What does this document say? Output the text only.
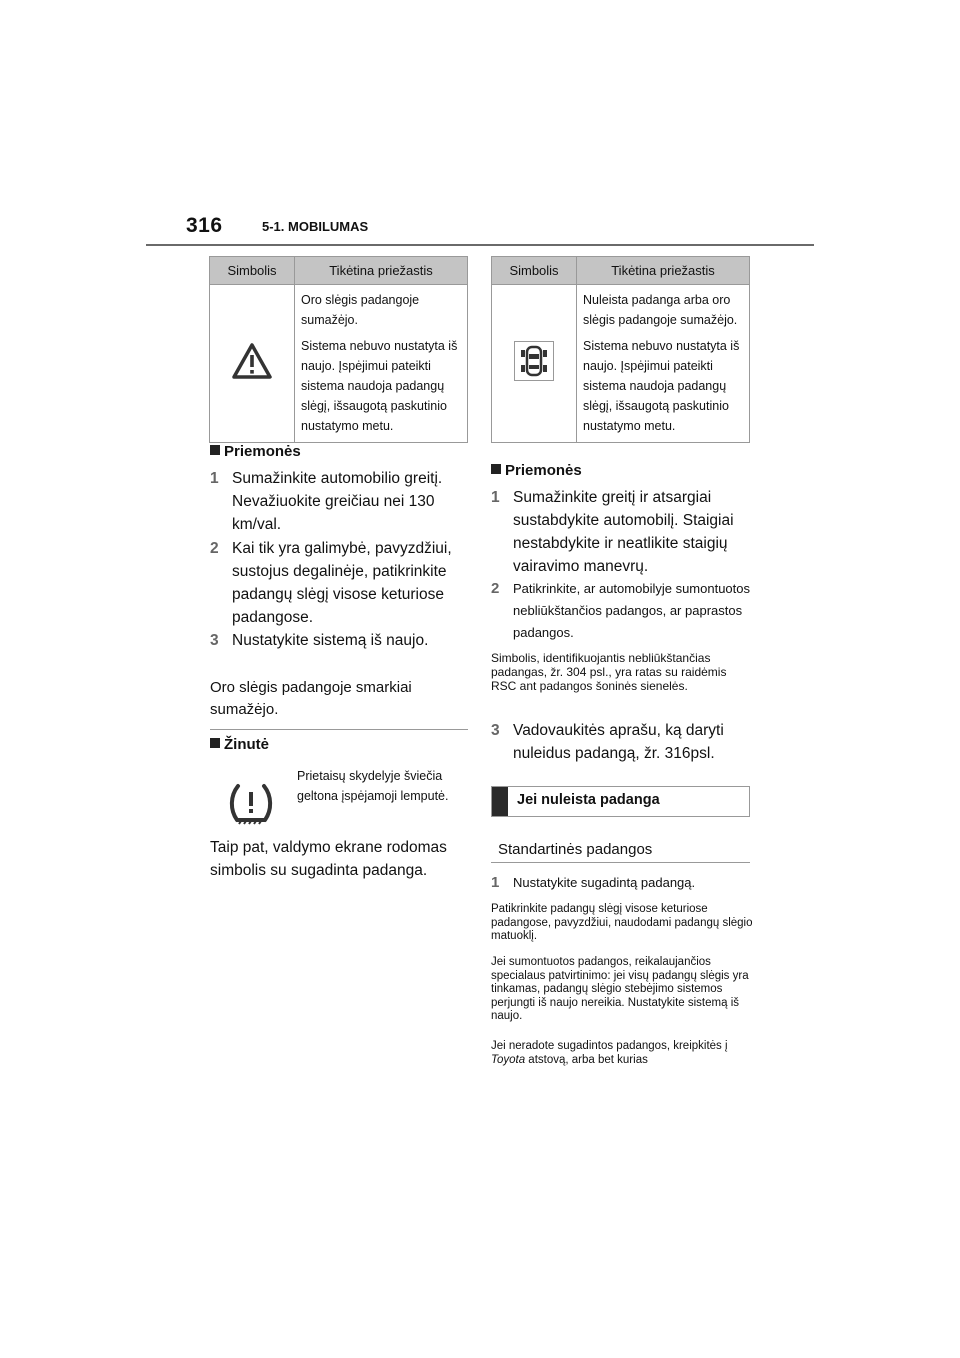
316	5-1. MOBILUMAS
Simbolis	Tikėtina priežastis

Oro slėgis padangoje sumažėjo.

Sistema nebuvo nustatyta iš naujo. Įspėjimui pateikti sistema naudoja padangų slėgį, išsaugotą paskutinio nustatymo metu.

Priemonės
1 Sumažinkite automobilio greitį. Nevažiuokite greičiau nei 130 km/val.
2 Kai tik yra galimybė, pavyzdžiui, sustojus degalinėje, patikrinkite padangų slėgį visose keturiose padangose.
3 Nustatykite sistemą iš naujo.
Oro slėgis padangoje smarkiai sumažėjo.
Žinutė
Prietaisų skydelyje šviečia geltona įspėjamoji lemputė.
Taip pat, valdymo ekrane rodomas simbolis su sugadinta padanga.
Simbolis	Tikėtina priežastis

Nuleista padanga arba oro slėgis padangoje sumažėjo.

Sistema nebuvo nustatyta iš naujo. Įspėjimui pateikti sistema naudoja padangų slėgį, išsaugotą paskutinio nustatymo metu.

Priemonės
1 Sumažinkite greitį ir atsargiai sustabdykite automobilį. Staigiai nestabdykite ir neatlikite staigių vairavimo manevrų.
2 Patikrinkite, ar automobilyje sumontuotos nebliūkštančios padangos, ar paprastos padangos.
Simbolis, identifikuojantis nebliūkštančias padangas, žr. 304 psl., yra ratas su raidėmis RSC ant padangos šoninės sienelės.
3 Vadovaukitės aprašu, ką daryti nuleidus padangą, žr. 316psl.
Jei nuleista padanga
Standartinės padangos
1 Nustatykite sugadintą padangą.
Patikrinkite padangų slėgį visose keturiose padangose, pavyzdžiui, naudodami padangų slėgio matuoklį.
Jei sumontuotos padangos, reikalaujančios specialaus patvirtinimo: jei visų padangų slėgis yra tinkamas, padangų slėgio stebėjimo sistemos perjungti iš naujo nereikia. Nustatykite sistemą iš naujo.
Jei neradote sugadintos padangos, kreipkitės į Toyota atstovą, arba bet kurias
